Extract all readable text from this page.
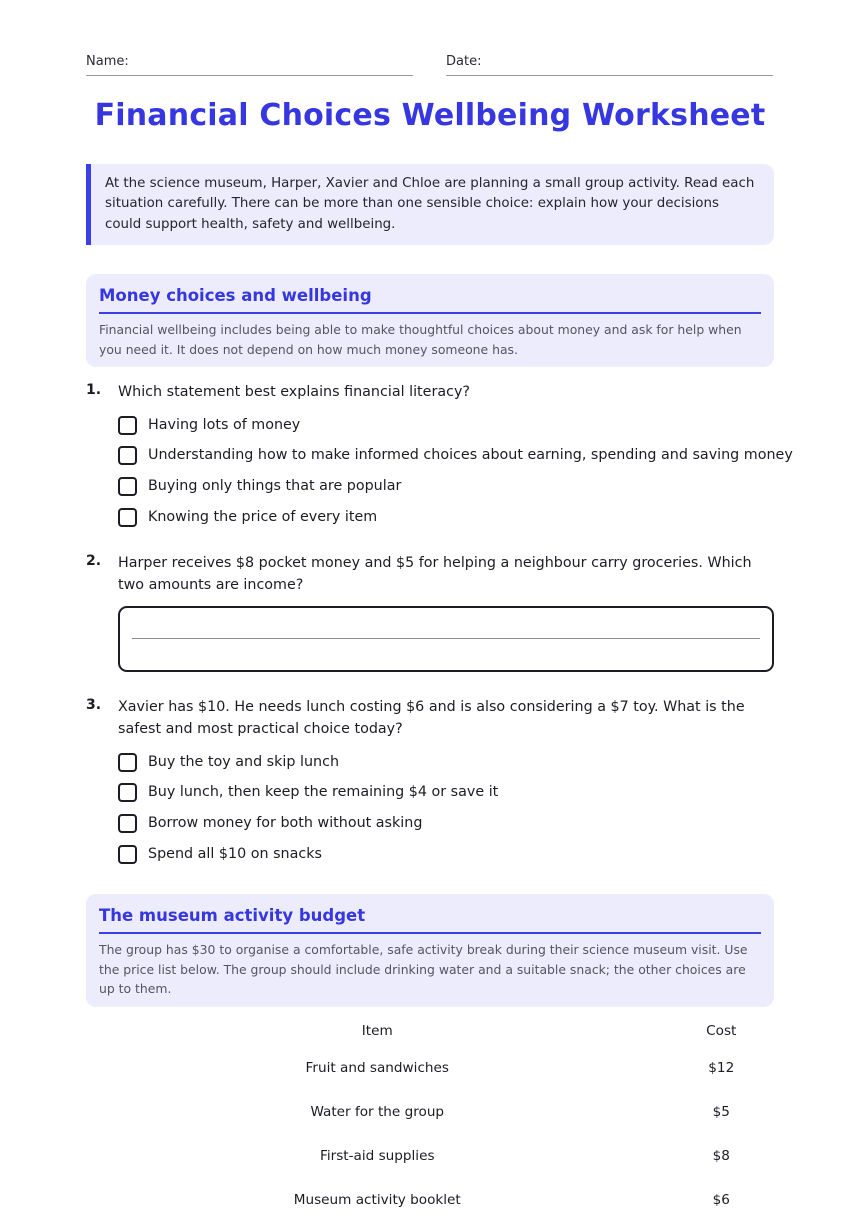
Name:	Date:
Financial Choices Wellbeing Worksheet
At the science museum, Harper, Xavier and Chloe are planning a small group activity. Read each situation carefully. There can be more than one sensible choice: explain how your decisions could support health, safety and wellbeing.
Money choices and wellbeing

Financial wellbeing includes being able to make thoughtful choices about money and ask for help when you need it. It does not depend on how much money someone has.

1. Which statement best explains financial literacy?
Having lots of money
Understanding how to make informed choices about earning, spending and saving money
Buying only things that are popular
Knowing the price of every item
2. Harper receives $8 pocket money and $5 for helping a neighbour carry groceries. Which two amounts are income?
3. Xavier has $10. He needs lunch costing $6 and is also considering a $7 toy. What is the safest and most practical choice today?
Buy the toy and skip lunch
Buy lunch, then keep the remaining $4 or save it
Borrow money for both without asking
Spend all $10 on snacks
The museum activity budget

The group has $30 to organise a comfortable, safe activity break during their science museum visit. Use the price list below. The group should include drinking water and a suitable snack; the other choices are up to them.

Item	Cost
Fruit and sandwiches	$12
Water for the group	$5
First-aid supplies	$8
Museum activity booklet	$6
